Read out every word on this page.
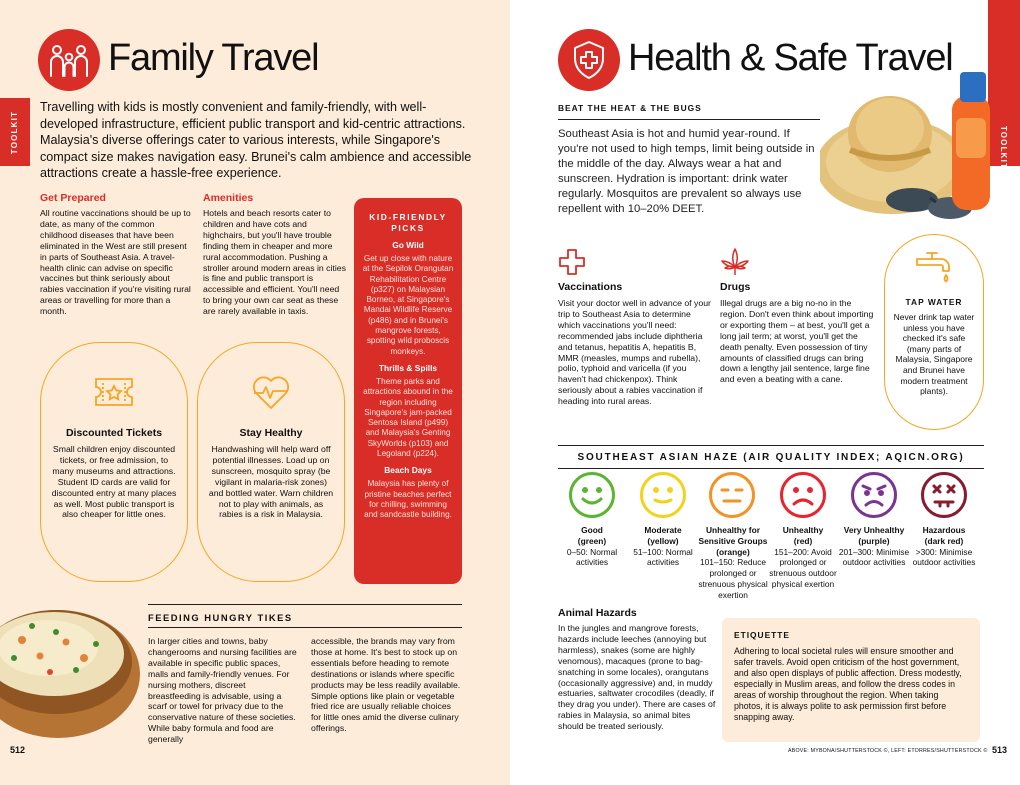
TOOLKIT
Family Travel
Travelling with kids is mostly convenient and family-friendly, with well-developed infrastructure, efficient public transport and kid-centric attractions. Malaysia's diverse offerings cater to various interests, while Singapore's compact size makes navigation easy. Brunei's calm ambience and accessible attractions create a hassle-free experience.
Get Prepared
All routine vaccinations should be up to date, as many of the common childhood diseases that have been eliminated in the West are still present in parts of Southeast Asia. A travel-health clinic can advise on specific vaccines but think seriously about rabies vaccination if you're visiting rural areas or travelling for more than a month.
Amenities
Hotels and beach resorts cater to children and have cots and highchairs, but you'll have trouble finding them in cheaper and more rural accommodation. Pushing a stroller around modern areas in cities is fine and public transport is accessible and efficient. You'll need to bring your own car seat as these are rarely available in taxis.
KID-FRIENDLY PICKS
Go Wild
Get up close with nature at the Sepilok Orangutan Rehabilitation Centre (p327) on Malaysian Borneo, at Singapore's Mandai Wildlife Reserve (p486) and in Brunei's mangrove forests, spotting wild proboscis monkeys.
Thrills & Spills
Theme parks and attractions abound in the region including Singapore's jam-packed Sentosa Island (p499) and Malaysia's Genting SkyWorlds (p103) and Legoland (p224).
Beach Days
Malaysia has plenty of pristine beaches perfect for chilling, swimming and sandcastle building.
Discounted Tickets
Small children enjoy discounted tickets, or free admission, to many museums and attractions. Student ID cards are valid for discounted entry at many places as well. Most public transport is also cheaper for little ones.
Stay Healthy
Handwashing will help ward off potential illnesses. Load up on sunscreen, mosquito spray (be vigilant in malaria-risk zones) and bottled water. Warn children not to play with animals, as rabies is a risk in Malaysia.
FEEDING HUNGRY TIKES
In larger cities and towns, baby changerooms and nursing facilities are available in specific public spaces, malls and family-friendly venues. For nursing mothers, discreet breastfeeding is advisable, using a scarf or towel for privacy due to the conservative nature of these societies. While baby formula and food are generally
accessible, the brands may vary from those at home. It's best to stock up on essentials before heading to remote destinations or islands where specific products may be less readily available. Simple options like plain or vegetable fried rice are usually reliable choices for little ones amid the diverse culinary offerings.
512
TOOLKIT
Health & Safe Travel
BEAT THE HEAT & THE BUGS
Southeast Asia is hot and humid year-round. If you're not used to high temps, limit being outside in the middle of the day. Always wear a hat and sunscreen. Hydration is important: drink water regularly. Mosquitos are prevalent so always use repellent with 10–20% DEET.
Vaccinations
Visit your doctor well in advance of your trip to Southeast Asia to determine which vaccinations you'll need: recommended jabs include diphtheria and tetanus, hepatitis A, hepatitis B, MMR (measles, mumps and rubella), polio, typhoid and varicella (if you haven't had chickenpox). Think seriously about a rabies vaccination if heading into rural areas.
Drugs
Illegal drugs are a big no-no in the region. Don't even think about importing or exporting them – at best, you'll get a long jail term; at worst, you'll get the death penalty. Even possession of tiny amounts of classified drugs can bring down a lengthy jail sentence, large fine and even a beating with a cane.
TAP WATER
Never drink tap water unless you have checked it's safe (many parts of Malaysia, Singapore and Brunei have modern treatment plants).
SOUTHEAST ASIAN HAZE (AIR QUALITY INDEX; AQICN.ORG)
Good
(green)
0–50: Normal activities
Moderate
(yellow)
51–100: Normal activities
Unhealthy for Sensitive Groups
(orange)
101–150: Reduce prolonged or strenuous physical exertion
Unhealthy
(red)
151–200: Avoid prolonged or strenuous outdoor physical exertion
Very Unhealthy
(purple)
201–300: Minimise outdoor activities
Hazardous
(dark red)
>300: Minimise outdoor activities
Animal Hazards
In the jungles and mangrove forests, hazards include leeches (annoying but harmless), snakes (some are highly venomous), macaques (prone to bag-snatching in some locales), orangutans (occasionally aggressive) and, in muddy estuaries, saltwater crocodiles (deadly, if they drag you under). There are cases of rabies in Malaysia, so animal bites should be treated seriously.
ETIQUETTE
Adhering to local societal rules will ensure smoother and safer travels. Avoid open criticism of the host government, and also open displays of public affection. Dress modestly, especially in Muslim areas, and follow the dress codes in areas of worship throughout the region. When taking photos, it is always polite to ask permission first before snapping away.
ABOVE: MYBONA/SHUTTERSTOCK ©, LEFT: ETORRES/SHUTTERSTOCK © 513
